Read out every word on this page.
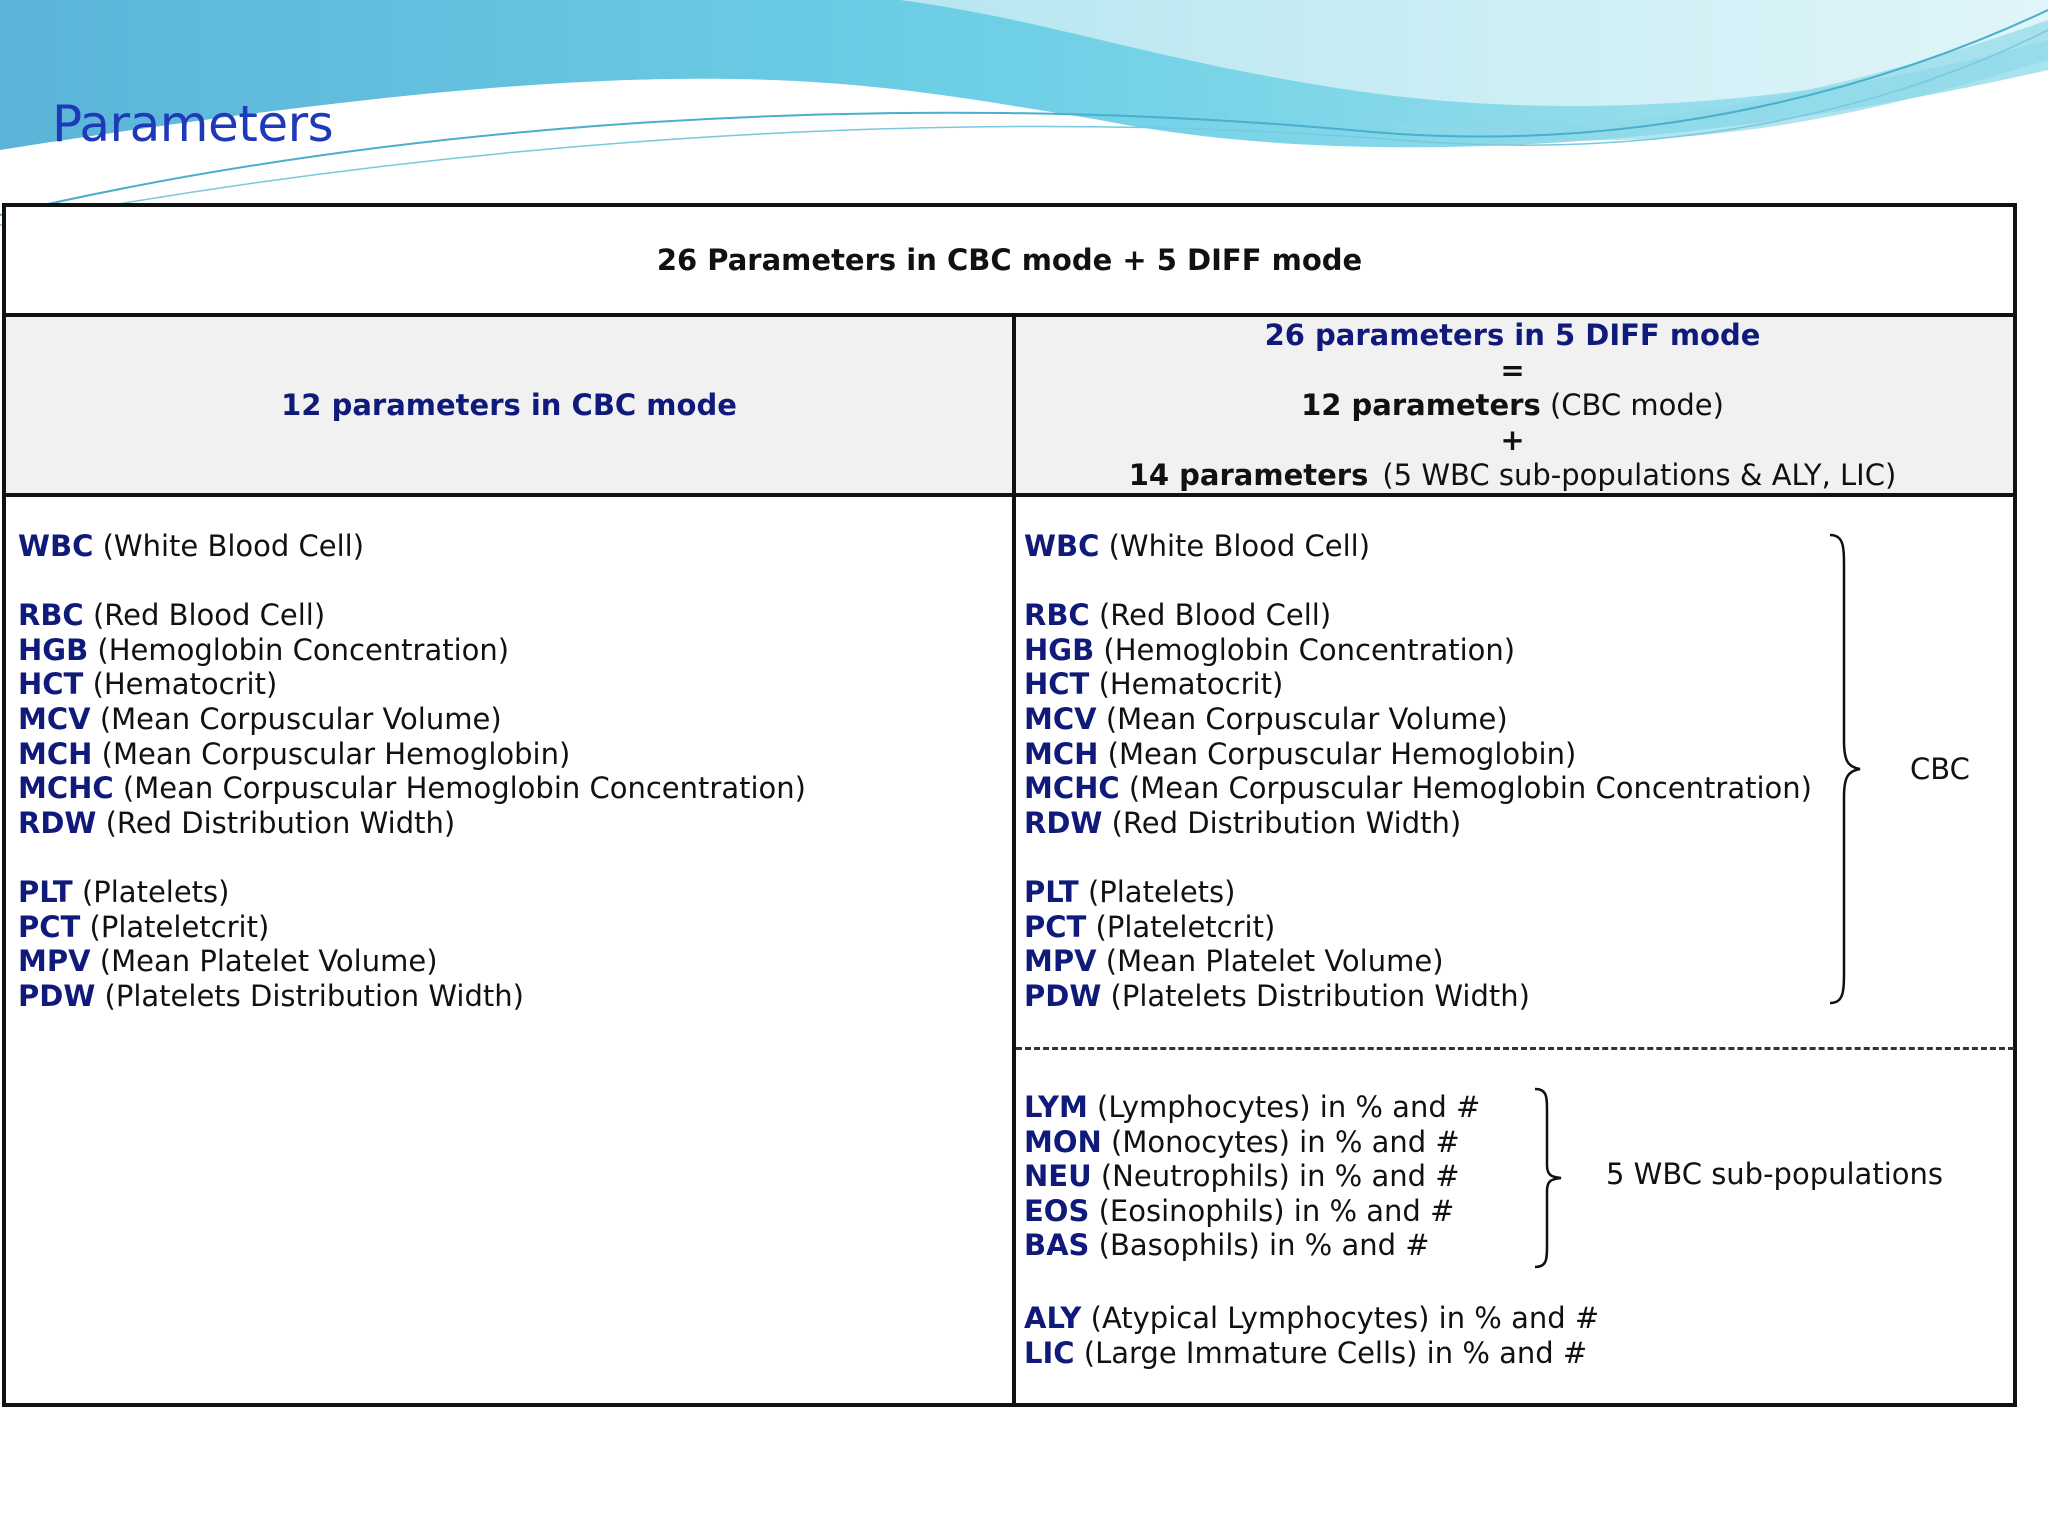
Parameters
26 Parameters in CBC mode + 5 DIFF mode
12 parameters in CBC mode
26 parameters in 5 DIFF mode
=
12 parameters (CBC mode)
+
14 parameters (5 WBC sub-populations & ALY, LIC)
WBC (White Blood Cell)
RBC (Red Blood Cell)
HGB (Hemoglobin Concentration)
HCT (Hematocrit)
MCV (Mean Corpuscular Volume)
MCH (Mean Corpuscular Hemoglobin)
MCHC (Mean Corpuscular Hemoglobin Concentration)
RDW (Red Distribution Width)
PLT (Platelets)
PCT (Plateletcrit)
MPV (Mean Platelet Volume)
PDW (Platelets Distribution Width)
WBC (White Blood Cell)
RBC (Red Blood Cell)
HGB (Hemoglobin Concentration)
HCT (Hematocrit)
MCV (Mean Corpuscular Volume)
MCH (Mean Corpuscular Hemoglobin)
MCHC (Mean Corpuscular Hemoglobin Concentration)
RDW (Red Distribution Width)
PLT (Platelets)
PCT (Plateletcrit)
MPV (Mean Platelet Volume)
PDW (Platelets Distribution Width)
CBC
LYM (Lymphocytes) in % and #
MON (Monocytes) in % and #
NEU (Neutrophils) in % and #
EOS (Eosinophils) in % and #
BAS (Basophils) in % and #
5 WBC sub-populations
ALY (Atypical Lymphocytes) in % and #
LIC (Large Immature Cells) in % and #
